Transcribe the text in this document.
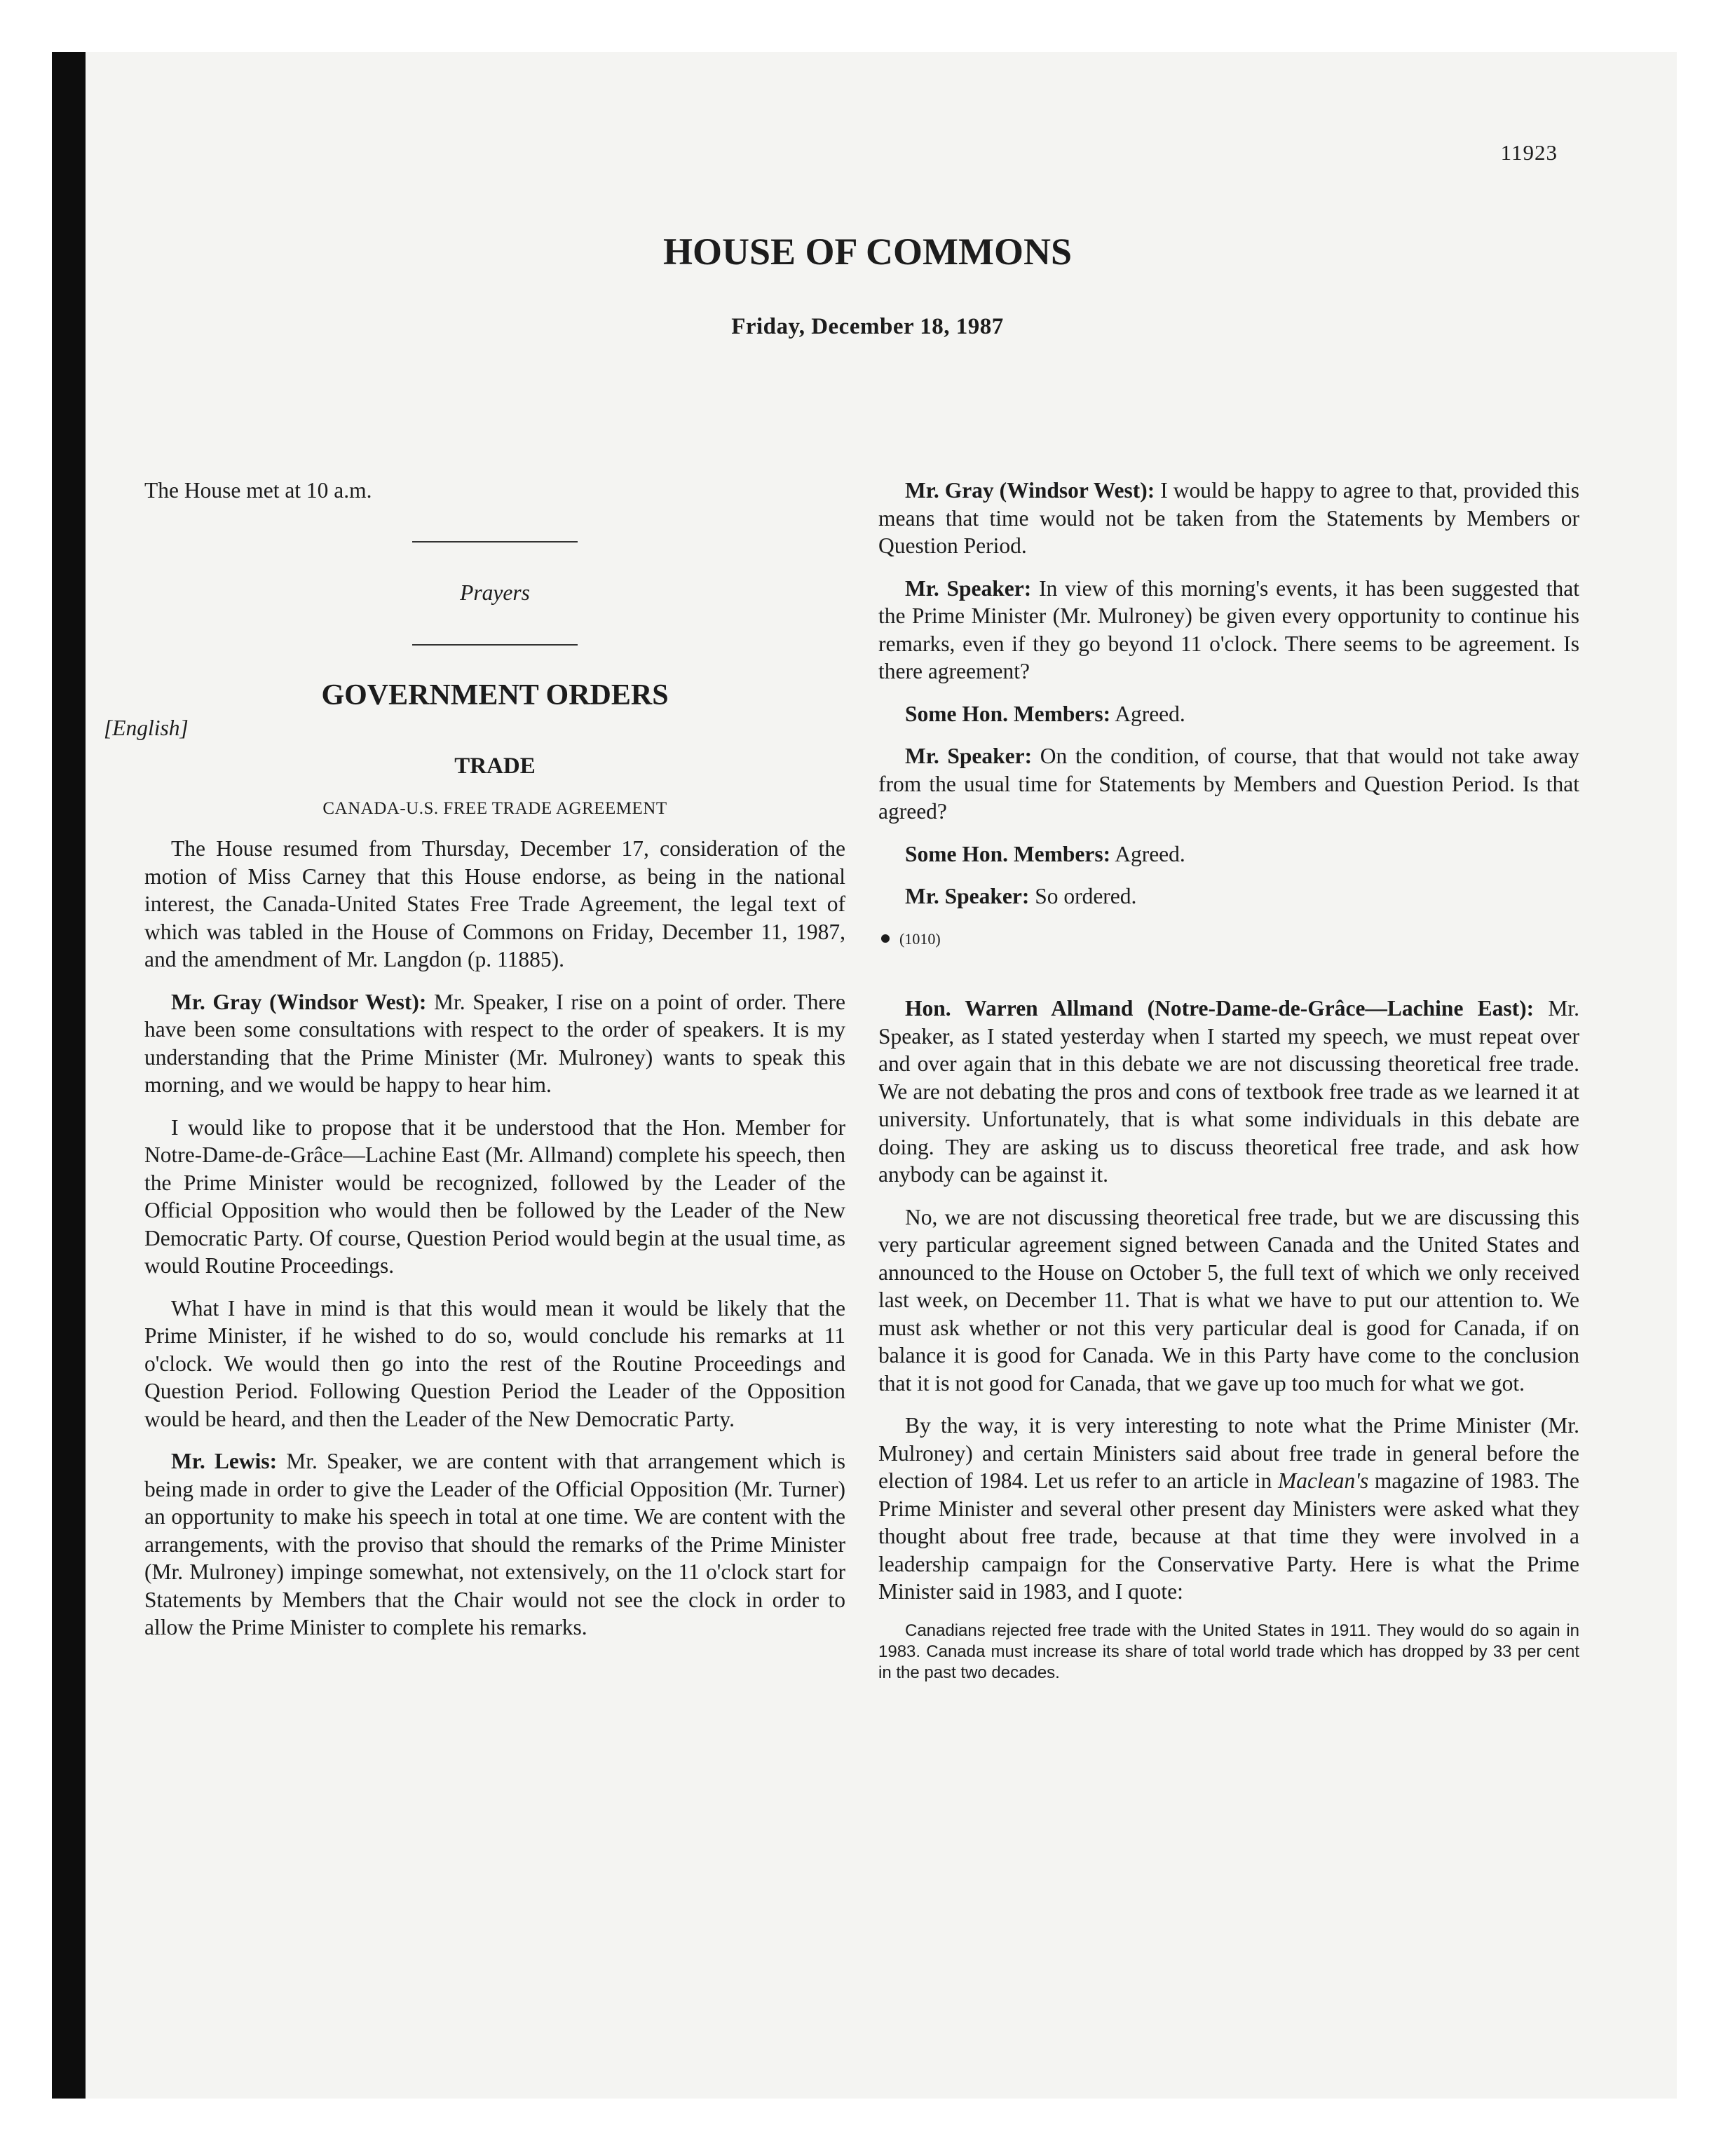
11923
HOUSE OF COMMONS
Friday, December 18, 1987

The House met at 10 a.m.

Prayers
GOVERNMENT ORDERS
[English]
TRADE
CANADA-U.S. FREE TRADE AGREEMENT

The House resumed from Thursday, December 17, consideration of the motion of Miss Carney that this House endorse, as being in the national interest, the Canada-United States Free Trade Agreement, the legal text of which was tabled in the House of Commons on Friday, December 11, 1987, and the amendment of Mr. Langdon (p. 11885).

Mr. Gray (Windsor West): Mr. Speaker, I rise on a point of order. There have been some consultations with respect to the order of speakers. It is my understanding that the Prime Minister (Mr. Mulroney) wants to speak this morning, and we would be happy to hear him.

I would like to propose that it be understood that the Hon. Member for Notre-Dame-de-Grâce—Lachine East (Mr. Allmand) complete his speech, then the Prime Minister would be recognized, followed by the Leader of the Official Opposition who would then be followed by the Leader of the New Democratic Party. Of course, Question Period would begin at the usual time, as would Routine Proceedings.

What I have in mind is that this would mean it would be likely that the Prime Minister, if he wished to do so, would conclude his remarks at 11 o'clock. We would then go into the rest of the Routine Proceedings and Question Period. Following Question Period the Leader of the Opposition would be heard, and then the Leader of the New Democratic Party.

Mr. Lewis: Mr. Speaker, we are content with that arrangement which is being made in order to give the Leader of the Official Opposition (Mr. Turner) an opportunity to make his speech in total at one time. We are content with the arrangements, with the proviso that should the remarks of the Prime Minister (Mr. Mulroney) impinge somewhat, not extensively, on the 11 o'clock start for Statements by Members that the Chair would not see the clock in order to allow the Prime Minister to complete his remarks.

Mr. Gray (Windsor West): I would be happy to agree to that, provided this means that time would not be taken from the Statements by Members or Question Period.

Mr. Speaker: In view of this morning's events, it has been suggested that the Prime Minister (Mr. Mulroney) be given every opportunity to continue his remarks, even if they go beyond 11 o'clock. There seems to be agreement. Is there agreement?

Some Hon. Members: Agreed.

Mr. Speaker: On the condition, of course, that that would not take away from the usual time for Statements by Members and Question Period. Is that agreed?

Some Hon. Members: Agreed.

Mr. Speaker: So ordered.

(1010)

Hon. Warren Allmand (Notre-Dame-de-Grâce—Lachine East): Mr. Speaker, as I stated yesterday when I started my speech, we must repeat over and over again that in this debate we are not discussing theoretical free trade. We are not debating the pros and cons of textbook free trade as we learned it at university. Unfortunately, that is what some individuals in this debate are doing. They are asking us to discuss theoretical free trade, and ask how anybody can be against it.

No, we are not discussing theoretical free trade, but we are discussing this very particular agreement signed between Canada and the United States and announced to the House on October 5, the full text of which we only received last week, on December 11. That is what we have to put our attention to. We must ask whether or not this very particular deal is good for Canada, if on balance it is good for Canada. We in this Party have come to the conclusion that it is not good for Canada, that we gave up too much for what we got.

By the way, it is very interesting to note what the Prime Minister (Mr. Mulroney) and certain Ministers said about free trade in general before the election of 1984. Let us refer to an article in Maclean's magazine of 1983. The Prime Minister and several other present day Ministers were asked what they thought about free trade, because at that time they were involved in a leadership campaign for the Conservative Party. Here is what the Prime Minister said in 1983, and I quote:

Canadians rejected free trade with the United States in 1911. They would do so again in 1983. Canada must increase its share of total world trade which has dropped by 33 per cent in the past two decades.
